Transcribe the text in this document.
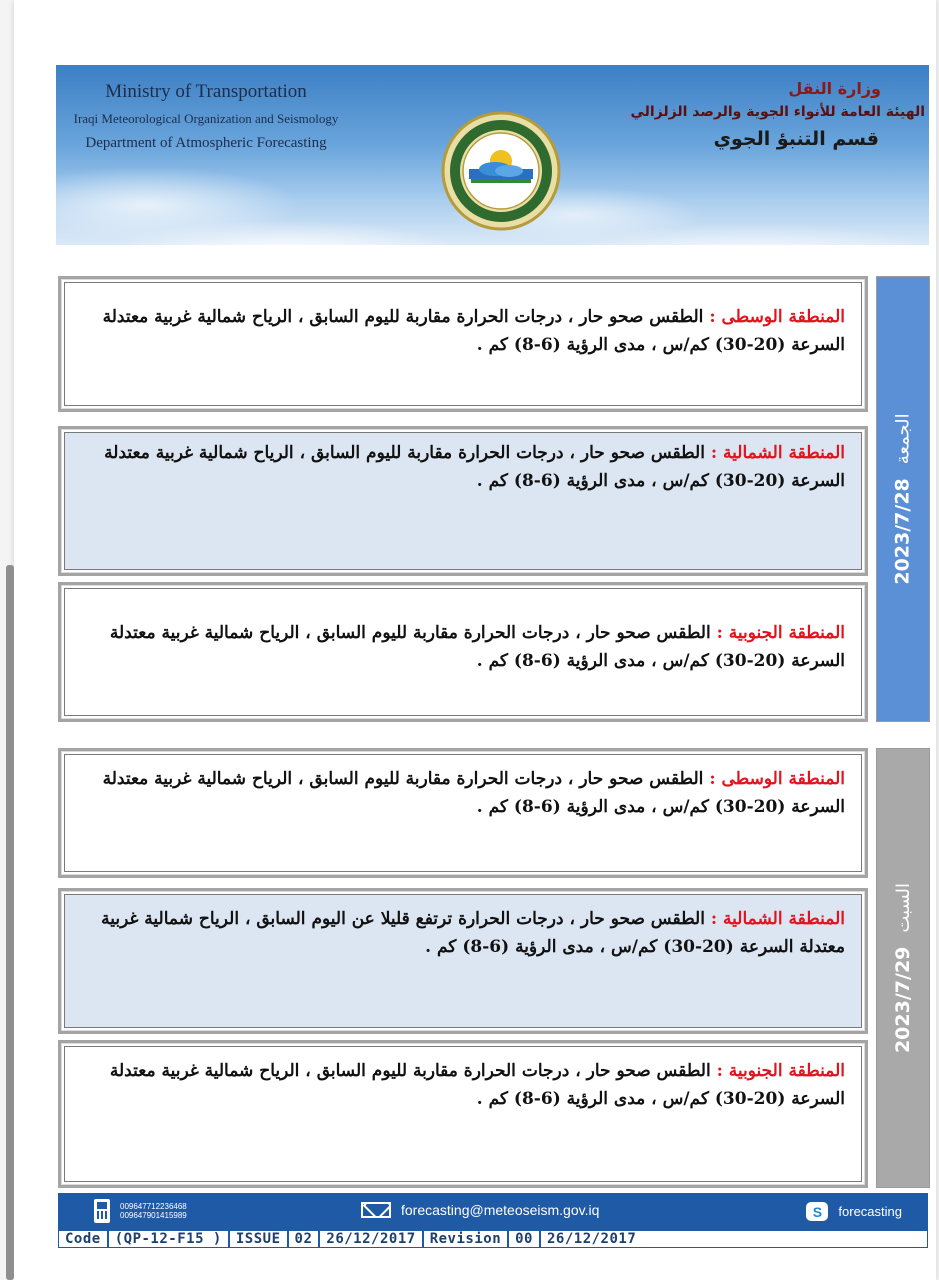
Ministry of Transportation
Iraqi Meteorological Organization and Seismology
Department of Atmospheric Forecasting
وزارة النقل
الهيئة العامة للأنواء الجوية والرصد الزلزالي
قسم التنبؤ الجوي
المنطقة الوسطى : الطقس صحو حار ، درجات الحرارة مقاربة لليوم السابق ، الرياح شمالية غربية معتدلة السرعة (20-30) كم/س ، مدى الرؤية (6-8) كم .
المنطقة الشمالية : الطقس صحو حار ، درجات الحرارة مقاربة لليوم السابق ، الرياح شمالية غربية معتدلة السرعة (20-30) كم/س ، مدى الرؤية (6-8) كم .
المنطقة الجنوبية : الطقس صحو حار ، درجات الحرارة مقاربة لليوم السابق ، الرياح شمالية غربية معتدلة السرعة (20-30) كم/س ، مدى الرؤية (6-8) كم .
2023/7/28
الجمعة
المنطقة الوسطى : الطقس صحو حار ، درجات الحرارة مقاربة لليوم السابق ، الرياح شمالية غربية معتدلة السرعة (20-30) كم/س ، مدى الرؤية (6-8) كم .
المنطقة الشمالية : الطقس صحو حار ، درجات الحرارة ترتفع قليلا عن اليوم السابق ، الرياح شمالية غربية معتدلة السرعة (20-30) كم/س ، مدى الرؤية (6-8) كم .
المنطقة الجنوبية : الطقس صحو حار ، درجات الحرارة مقاربة لليوم السابق ، الرياح شمالية غربية معتدلة السرعة (20-30) كم/س ، مدى الرؤية (6-8) كم .
2023/7/29
السبت
009647712236468
009647901415989	forecasting@meteoseism.gov.iq	S	forecasting
Code	(QP-12-F15 )	ISSUE	02	26/12/2017	Revision	00	26/12/2017
